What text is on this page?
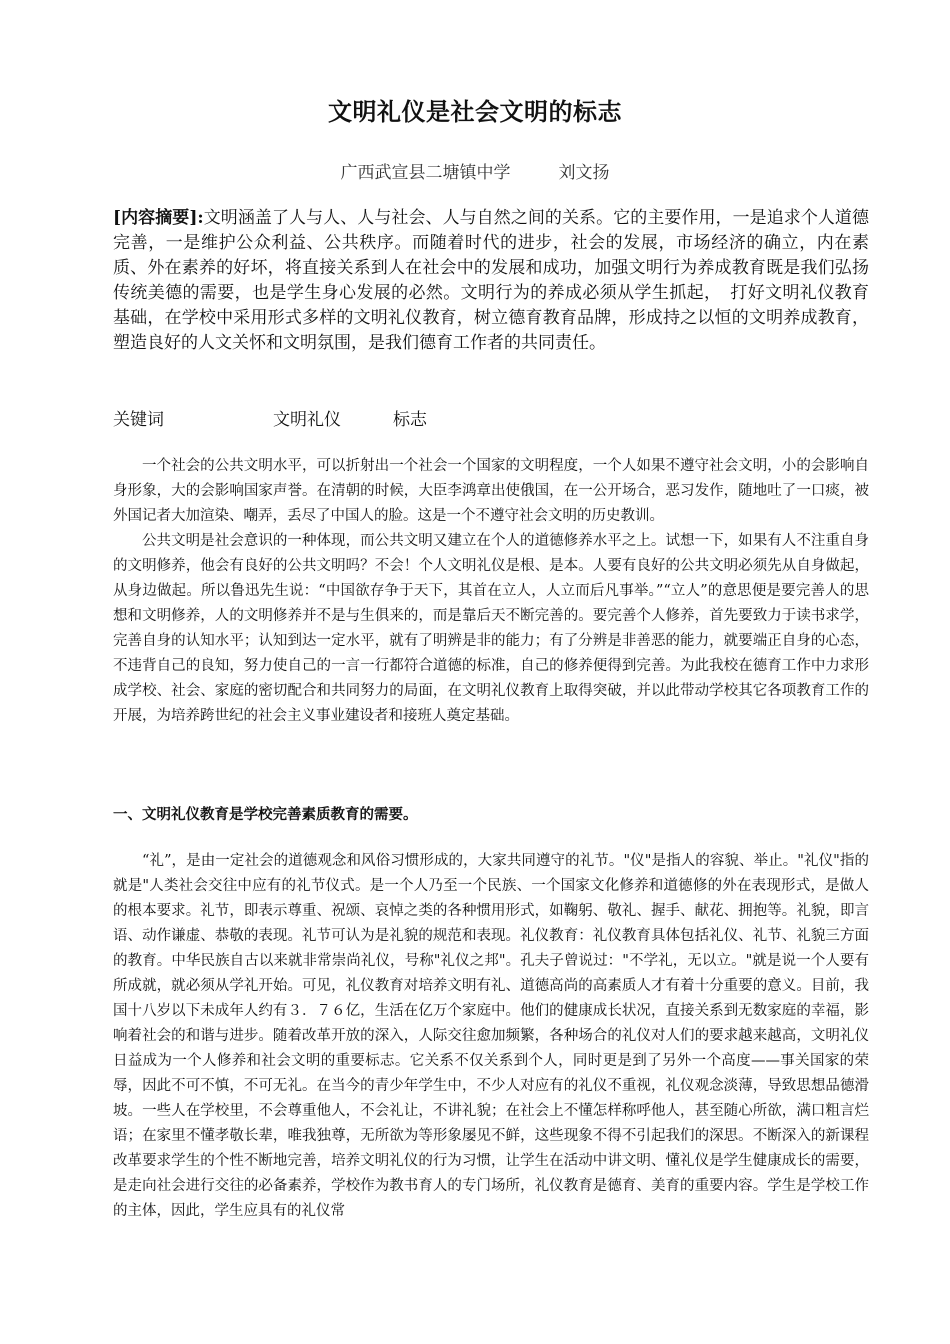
文明礼仪是社会文明的标志
广西武宣县二塘镇中学	刘文扬

[内容摘要]:文明涵盖了人与人、人与社会、人与自然之间的关系。它的主要作用，一是追求个人道德完善，一是维护公众利益、公共秩序。而随着时代的进步，社会的发展，市场经济的确立，内在素质、外在素养的好坏，将直接关系到人在社会中的发展和成功，加强文明行为养成教育既是我们弘扬传统美德的需要，也是学生身心发展的必然。文明行为的养成必须从学生抓起，　打好文明礼仪教育基础，在学校中采用形式多样的文明礼仪教育，树立德育教育品牌，形成持之以恒的文明养成教育，塑造良好的人文关怀和文明氛围，是我们德育工作者的共同责任。

关键词	文明礼仪	标志

一个社会的公共文明水平，可以折射出一个社会一个国家的文明程度，一个人如果不遵守社会文明，小的会影响自身形象，大的会影响国家声誉。在清朝的时候，大臣李鸿章出使俄国，在一公开场合，恶习发作，随地吐了一口痰，被外国记者大加渲染、嘲弄，丢尽了中国人的脸。这是一个不遵守社会文明的历史教训。

公共文明是社会意识的一种体现，而公共文明又建立在个人的道德修养水平之上。试想一下，如果有人不注重自身的文明修养，他会有良好的公共文明吗？不会！个人文明礼仪是根、是本。人要有良好的公共文明必须先从自身做起，从身边做起。所以鲁迅先生说：“中国欲存争于天下，其首在立人，人立而后凡事举。”“立人”的意思便是要完善人的思想和文明修养，人的文明修养并不是与生俱来的，而是靠后天不断完善的。要完善个人修养，首先要致力于读书求学，完善自身的认知水平；认知到达一定水平，就有了明辨是非的能力；有了分辨是非善恶的能力，就要端正自身的心态，不违背自己的良知，努力使自己的一言一行都符合道德的标准，自己的修养便得到完善。为此我校在德育工作中力求形成学校、社会、家庭的密切配合和共同努力的局面，在文明礼仪教育上取得突破，并以此带动学校其它各项教育工作的开展，为培养跨世纪的社会主义事业建设者和接班人奠定基础。

一、文明礼仪教育是学校完善素质教育的需要。

“礼”，是由一定社会的道德观念和风俗习惯形成的，大家共同遵守的礼节。"仪"是指人的容貌、举止。"礼仪"指的就是"人类社会交往中应有的礼节仪式。是一个人乃至一个民族、一个国家文化修养和道德修的外在表现形式，是做人的根本要求。礼节，即表示尊重、祝颂、哀悼之类的各种惯用形式，如鞠躬、敬礼、握手、献花、拥抱等。礼貌，即言语、动作谦虚、恭敬的表现。礼节可认为是礼貌的规范和表现。礼仪教育：礼仪教育具体包括礼仪、礼节、礼貌三方面的教育。中华民族自古以来就非常崇尚礼仪，号称"礼仪之邦"。孔夫子曾说过："不学礼，无以立。"就是说一个人要有所成就，就必须从学礼开始。可见，礼仪教育对培养文明有礼、道德高尚的高素质人才有着十分重要的意义。目前，我国十八岁以下未成年人约有３．７６亿，生活在亿万个家庭中。他们的健康成长状况，直接关系到无数家庭的幸福，影响着社会的和谐与进步。随着改革开放的深入，人际交往愈加频繁，各种场合的礼仪对人们的要求越来越高，文明礼仪日益成为一个人修养和社会文明的重要标志。它关系不仅关系到个人，同时更是到了另外一个高度——事关国家的荣辱，因此不可不慎，不可无礼。在当今的青少年学生中，不少人对应有的礼仪不重视，礼仪观念淡薄，导致思想品德滑坡。一些人在学校里，不会尊重他人，不会礼让，不讲礼貌；在社会上不懂怎样称呼他人，甚至随心所欲，满口粗言烂语；在家里不懂孝敬长辈，唯我独尊，无所欲为等形象屡见不鲜，这些现象不得不引起我们的深思。不断深入的新课程改革要求学生的个性不断地完善，培养文明礼仪的行为习惯，让学生在活动中讲文明、懂礼仪是学生健康成长的需要，是走向社会进行交往的必备素养，学校作为教书育人的专门场所，礼仪教育是德育、美育的重要内容。学生是学校工作的主体，因此，学生应具有的礼仪常
